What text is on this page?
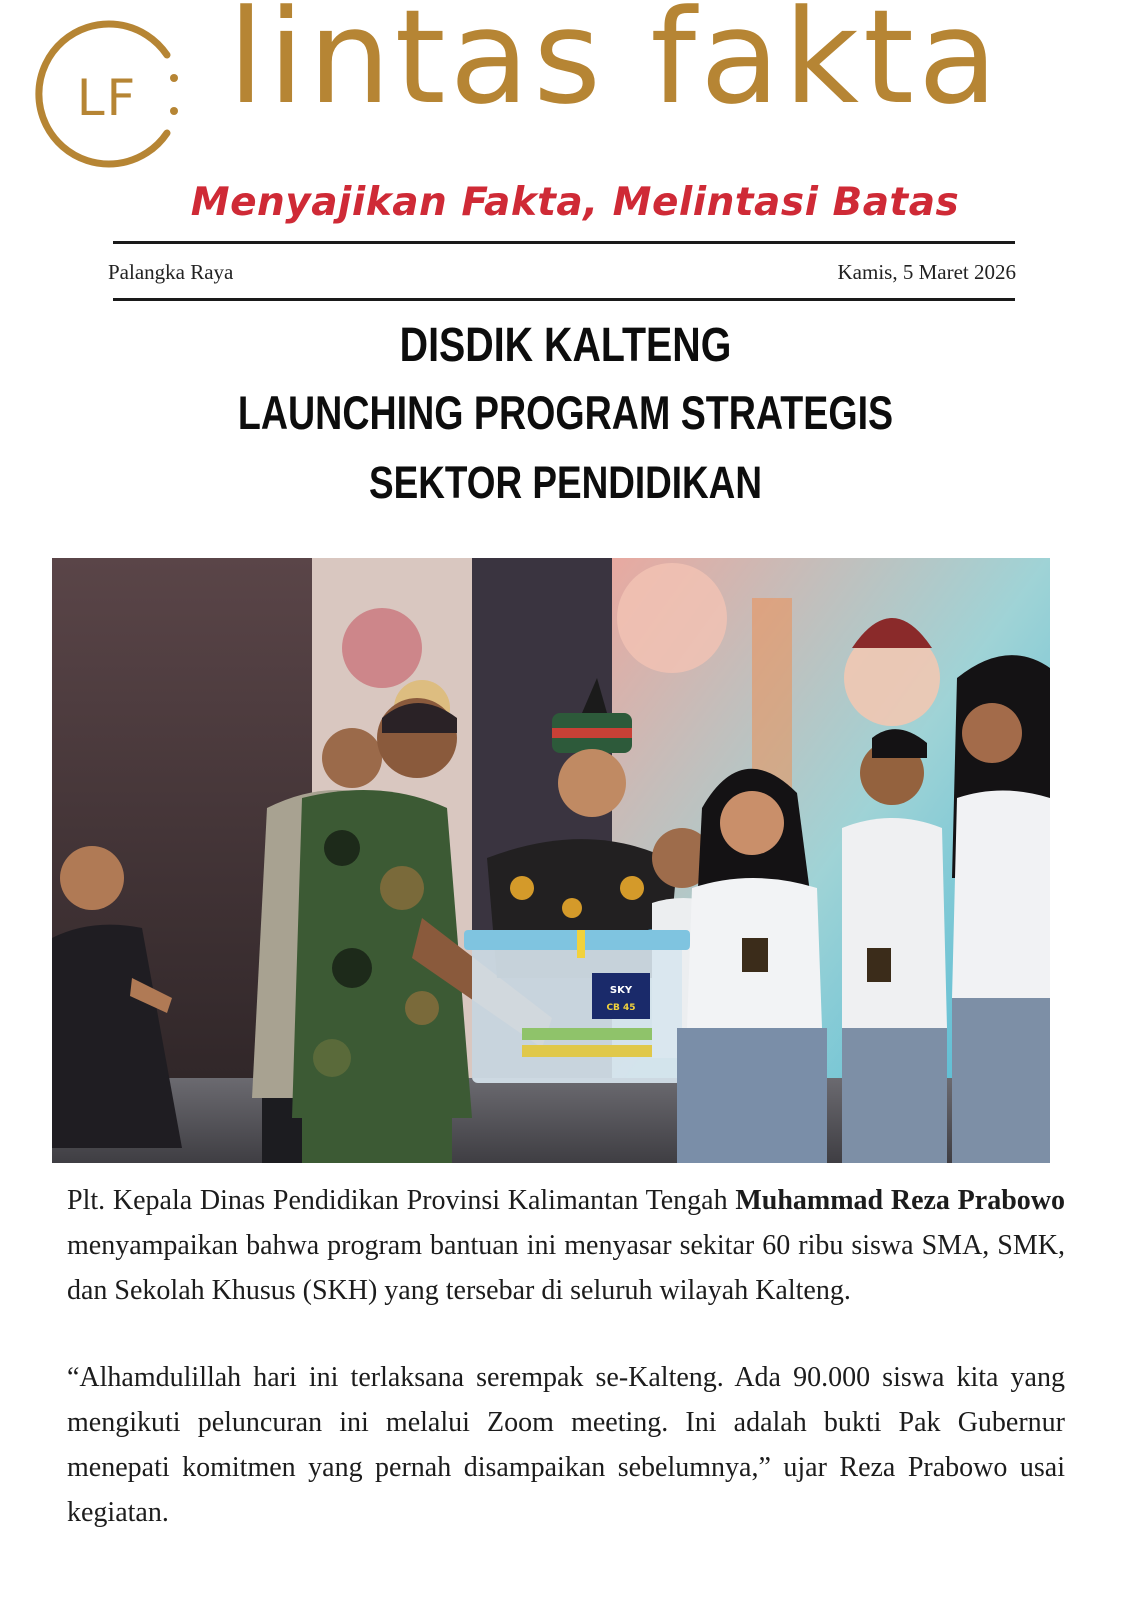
LF lintas fakta

Menyajikan Fakta, Melintasi Batas

Palangka Raya	Kamis, 5 Maret 2026
DISDIK KALTENG
LAUNCHING PROGRAM STRATEGIS
SEKTOR PENDIDIKAN
SKY
CB 45

Plt. Kepala Dinas Pendidikan Provinsi Kalimantan Tengah Muhammad Reza Prabowo menyampaikan bahwa program bantuan ini menyasar sekitar 60 ribu siswa SMA, SMK, dan Sekolah Khusus (SKH) yang tersebar di seluruh wilayah Kalteng.

“Alhamdulillah hari ini terlaksana serempak se-Kalteng. Ada 90.000 siswa kita yang mengikuti peluncuran ini melalui Zoom meeting. Ini adalah bukti Pak Gubernur menepati komitmen yang pernah disampaikan sebelumnya,” ujar Reza Prabowo usai kegiatan.
